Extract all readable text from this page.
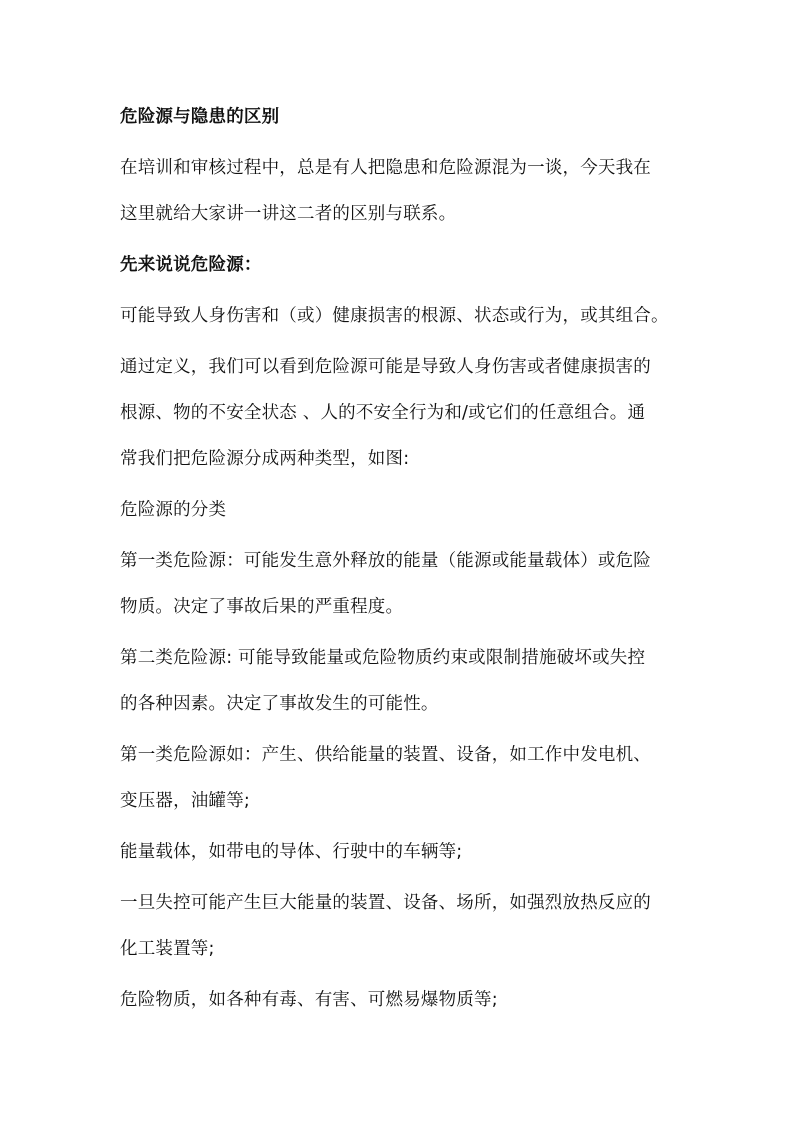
危险源与隐患的区别
在培训和审核过程中，总是有人把隐患和危险源混为一谈，今天我在
这里就给大家讲一讲这二者的区别与联系。
先来说说危险源：
可能导致人身伤害和（或）健康损害的根源、状态或行为，或其组合。
通过定义，我们可以看到危险源可能是导致人身伤害或者健康损害的
根源、物的不安全状态 、人的不安全行为和/或它们的任意组合。通
常我们把危险源分成两种类型，如图:
危险源的分类
第一类危险源：可能发生意外释放的能量（能源或能量载体）或危险
物质。决定了事故后果的严重程度。
第二类危险源: 可能导致能量或危险物质约束或限制措施破坏或失控
的各种因素。决定了事故发生的可能性。
第一类危险源如：产生、供给能量的装置、设备，如工作中发电机、
变压器，油罐等;
能量载体，如带电的导体、行驶中的车辆等;
一旦失控可能产生巨大能量的装置、设备、场所，如强烈放热反应的
化工装置等;
危险物质，如各种有毒、有害、可燃易爆物质等;
